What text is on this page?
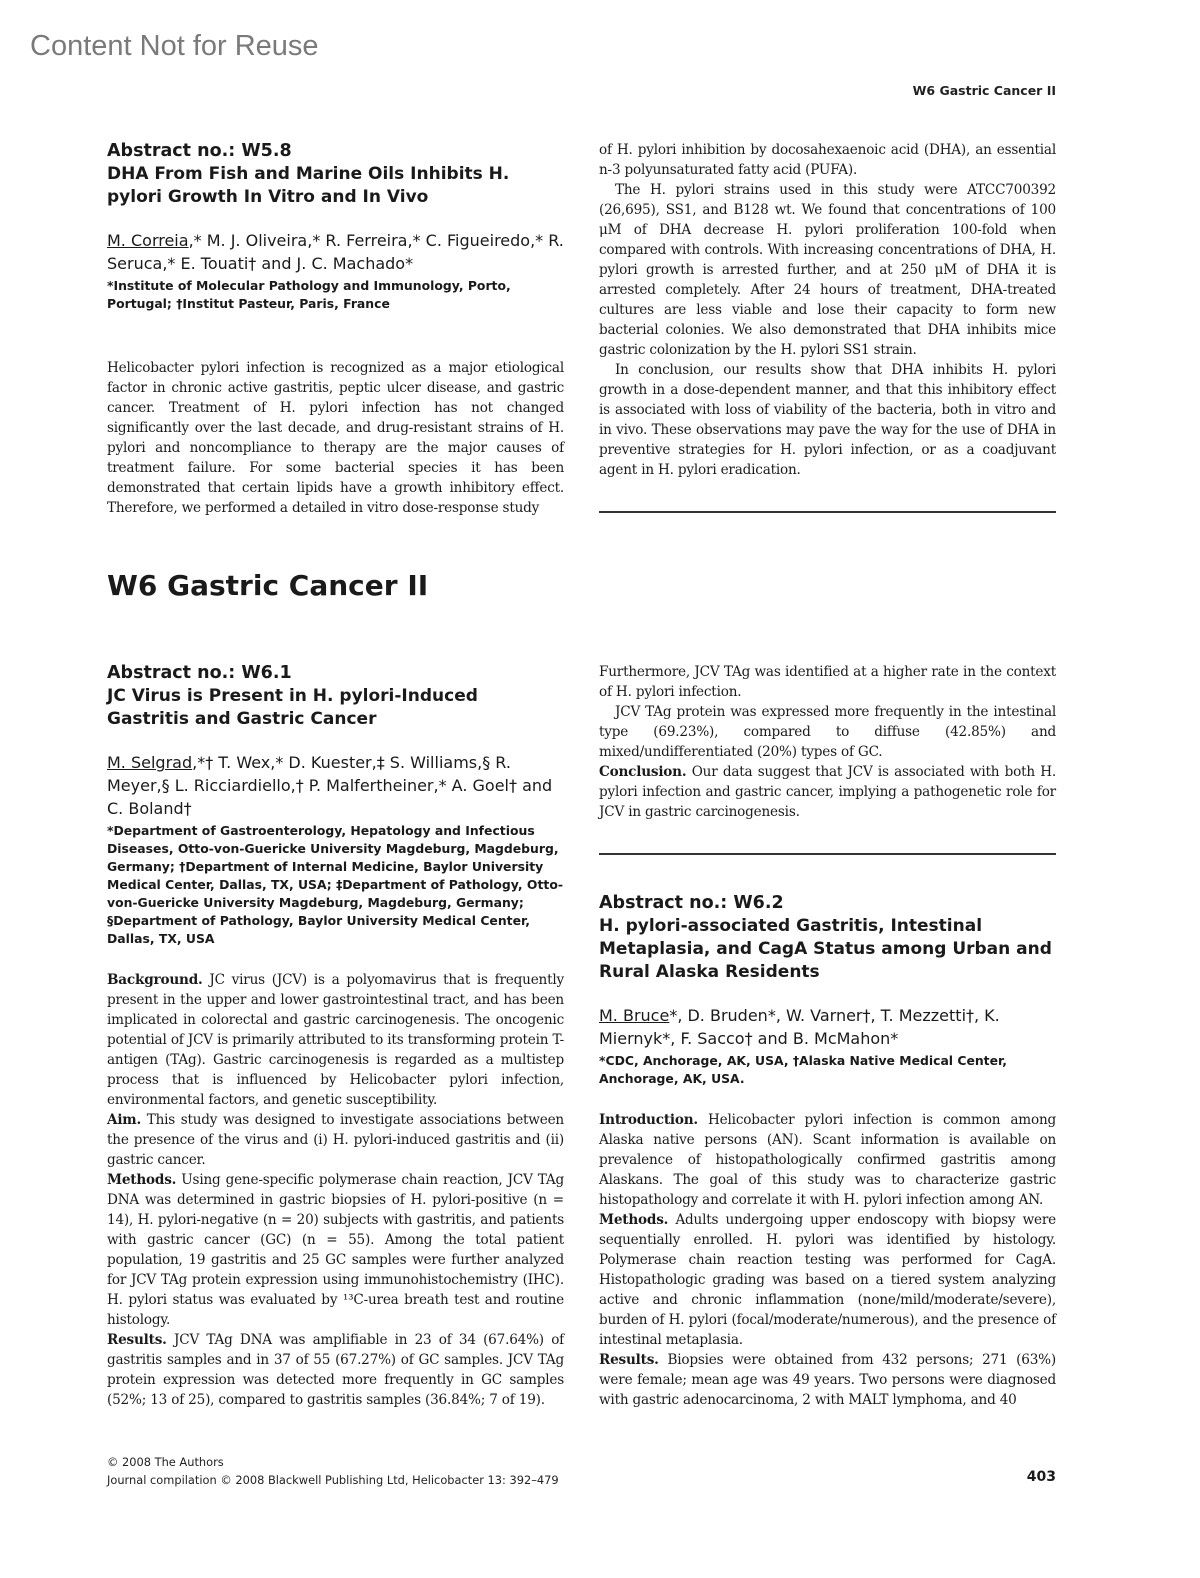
Content Not for Reuse
W6 Gastric Cancer II
Abstract no.: W5.8
DHA From Fish and Marine Oils Inhibits H. pylori Growth In Vitro and In Vivo
M. Correia,* M. J. Oliveira,* R. Ferreira,* C. Figueiredo,* R. Seruca,* E. Touati† and J. C. Machado*
*Institute of Molecular Pathology and Immunology, Porto, Portugal; †Institut Pasteur, Paris, France

Helicobacter pylori infection is recognized as a major etiological factor in chronic active gastritis, peptic ulcer disease, and gastric cancer. Treatment of H. pylori infection has not changed significantly over the last decade, and drug-resistant strains of H. pylori and noncompliance to therapy are the major causes of treatment failure. For some bacterial species it has been demonstrated that certain lipids have a growth inhibitory effect. Therefore, we performed a detailed in vitro dose-response study

of H. pylori inhibition by docosahexaenoic acid (DHA), an essential n-3 polyunsaturated fatty acid (PUFA).

The H. pylori strains used in this study were ATCC700392 (26,695), SS1, and B128 wt. We found that concentrations of 100 μM of DHA decrease H. pylori proliferation 100-fold when compared with controls. With increasing concentrations of DHA, H. pylori growth is arrested further, and at 250 μM of DHA it is arrested completely. After 24 hours of treatment, DHA-treated cultures are less viable and lose their capacity to form new bacterial colonies. We also demonstrated that DHA inhibits mice gastric colonization by the H. pylori SS1 strain.

In conclusion, our results show that DHA inhibits H. pylori growth in a dose-dependent manner, and that this inhibitory effect is associated with loss of viability of the bacteria, both in vitro and in vivo. These observations may pave the way for the use of DHA in preventive strategies for H. pylori infection, or as a coadjuvant agent in H. pylori eradication.

W6 Gastric Cancer II
Abstract no.: W6.1
JC Virus is Present in H. pylori-Induced Gastritis and Gastric Cancer
M. Selgrad,*† T. Wex,* D. Kuester,‡ S. Williams,§ R. Meyer,§ L. Ricciardiello,† P. Malfertheiner,* A. Goel† and C. Boland†
*Department of Gastroenterology, Hepatology and Infectious Diseases, Otto-von-Guericke University Magdeburg, Magdeburg, Germany; †Department of Internal Medicine, Baylor University Medical Center, Dallas, TX, USA; ‡Department of Pathology, Otto-von-Guericke University Magdeburg, Magdeburg, Germany; §Department of Pathology, Baylor University Medical Center, Dallas, TX, USA

Background. JC virus (JCV) is a polyomavirus that is frequently present in the upper and lower gastrointestinal tract, and has been implicated in colorectal and gastric carcinogenesis. The oncogenic potential of JCV is primarily attributed to its transforming protein T-antigen (TAg). Gastric carcinogenesis is regarded as a multistep process that is influenced by Helicobacter pylori infection, environmental factors, and genetic susceptibility.

Aim. This study was designed to investigate associations between the presence of the virus and (i) H. pylori-induced gastritis and (ii) gastric cancer.

Methods. Using gene-specific polymerase chain reaction, JCV TAg DNA was determined in gastric biopsies of H. pylori-positive (n = 14), H. pylori-negative (n = 20) subjects with gastritis, and patients with gastric cancer (GC) (n = 55). Among the total patient population, 19 gastritis and 25 GC samples were further analyzed for JCV TAg protein expression using immunohistochemistry (IHC). H. pylori status was evaluated by ¹³C-urea breath test and routine histology.

Results. JCV TAg DNA was amplifiable in 23 of 34 (67.64%) of gastritis samples and in 37 of 55 (67.27%) of GC samples. JCV TAg protein expression was detected more frequently in GC samples (52%; 13 of 25), compared to gastritis samples (36.84%; 7 of 19).

Furthermore, JCV TAg was identified at a higher rate in the context of H. pylori infection.

JCV TAg protein was expressed more frequently in the intestinal type (69.23%), compared to diffuse (42.85%) and mixed/undifferentiated (20%) types of GC.

Conclusion. Our data suggest that JCV is associated with both H. pylori infection and gastric cancer, implying a pathogenetic role for JCV in gastric carcinogenesis.

Abstract no.: W6.2
H. pylori-associated Gastritis, Intestinal Metaplasia, and CagA Status among Urban and Rural Alaska Residents
M. Bruce*, D. Bruden*, W. Varner†, T. Mezzetti†, K. Miernyk*, F. Sacco† and B. McMahon*
*CDC, Anchorage, AK, USA, †Alaska Native Medical Center, Anchorage, AK, USA.

Introduction. Helicobacter pylori infection is common among Alaska native persons (AN). Scant information is available on prevalence of histopathologically confirmed gastritis among Alaskans. The goal of this study was to characterize gastric histopathology and correlate it with H. pylori infection among AN.

Methods. Adults undergoing upper endoscopy with biopsy were sequentially enrolled. H. pylori was identified by histology. Polymerase chain reaction testing was performed for CagA. Histopathologic grading was based on a tiered system analyzing active and chronic inflammation (none/mild/moderate/severe), burden of H. pylori (focal/moderate/numerous), and the presence of intestinal metaplasia.

Results. Biopsies were obtained from 432 persons; 271 (63%) were female; mean age was 49 years. Two persons were diagnosed with gastric adenocarcinoma, 2 with MALT lymphoma, and 40

© 2008 The Authors
Journal compilation © 2008 Blackwell Publishing Ltd, Helicobacter 13: 392–479	403
